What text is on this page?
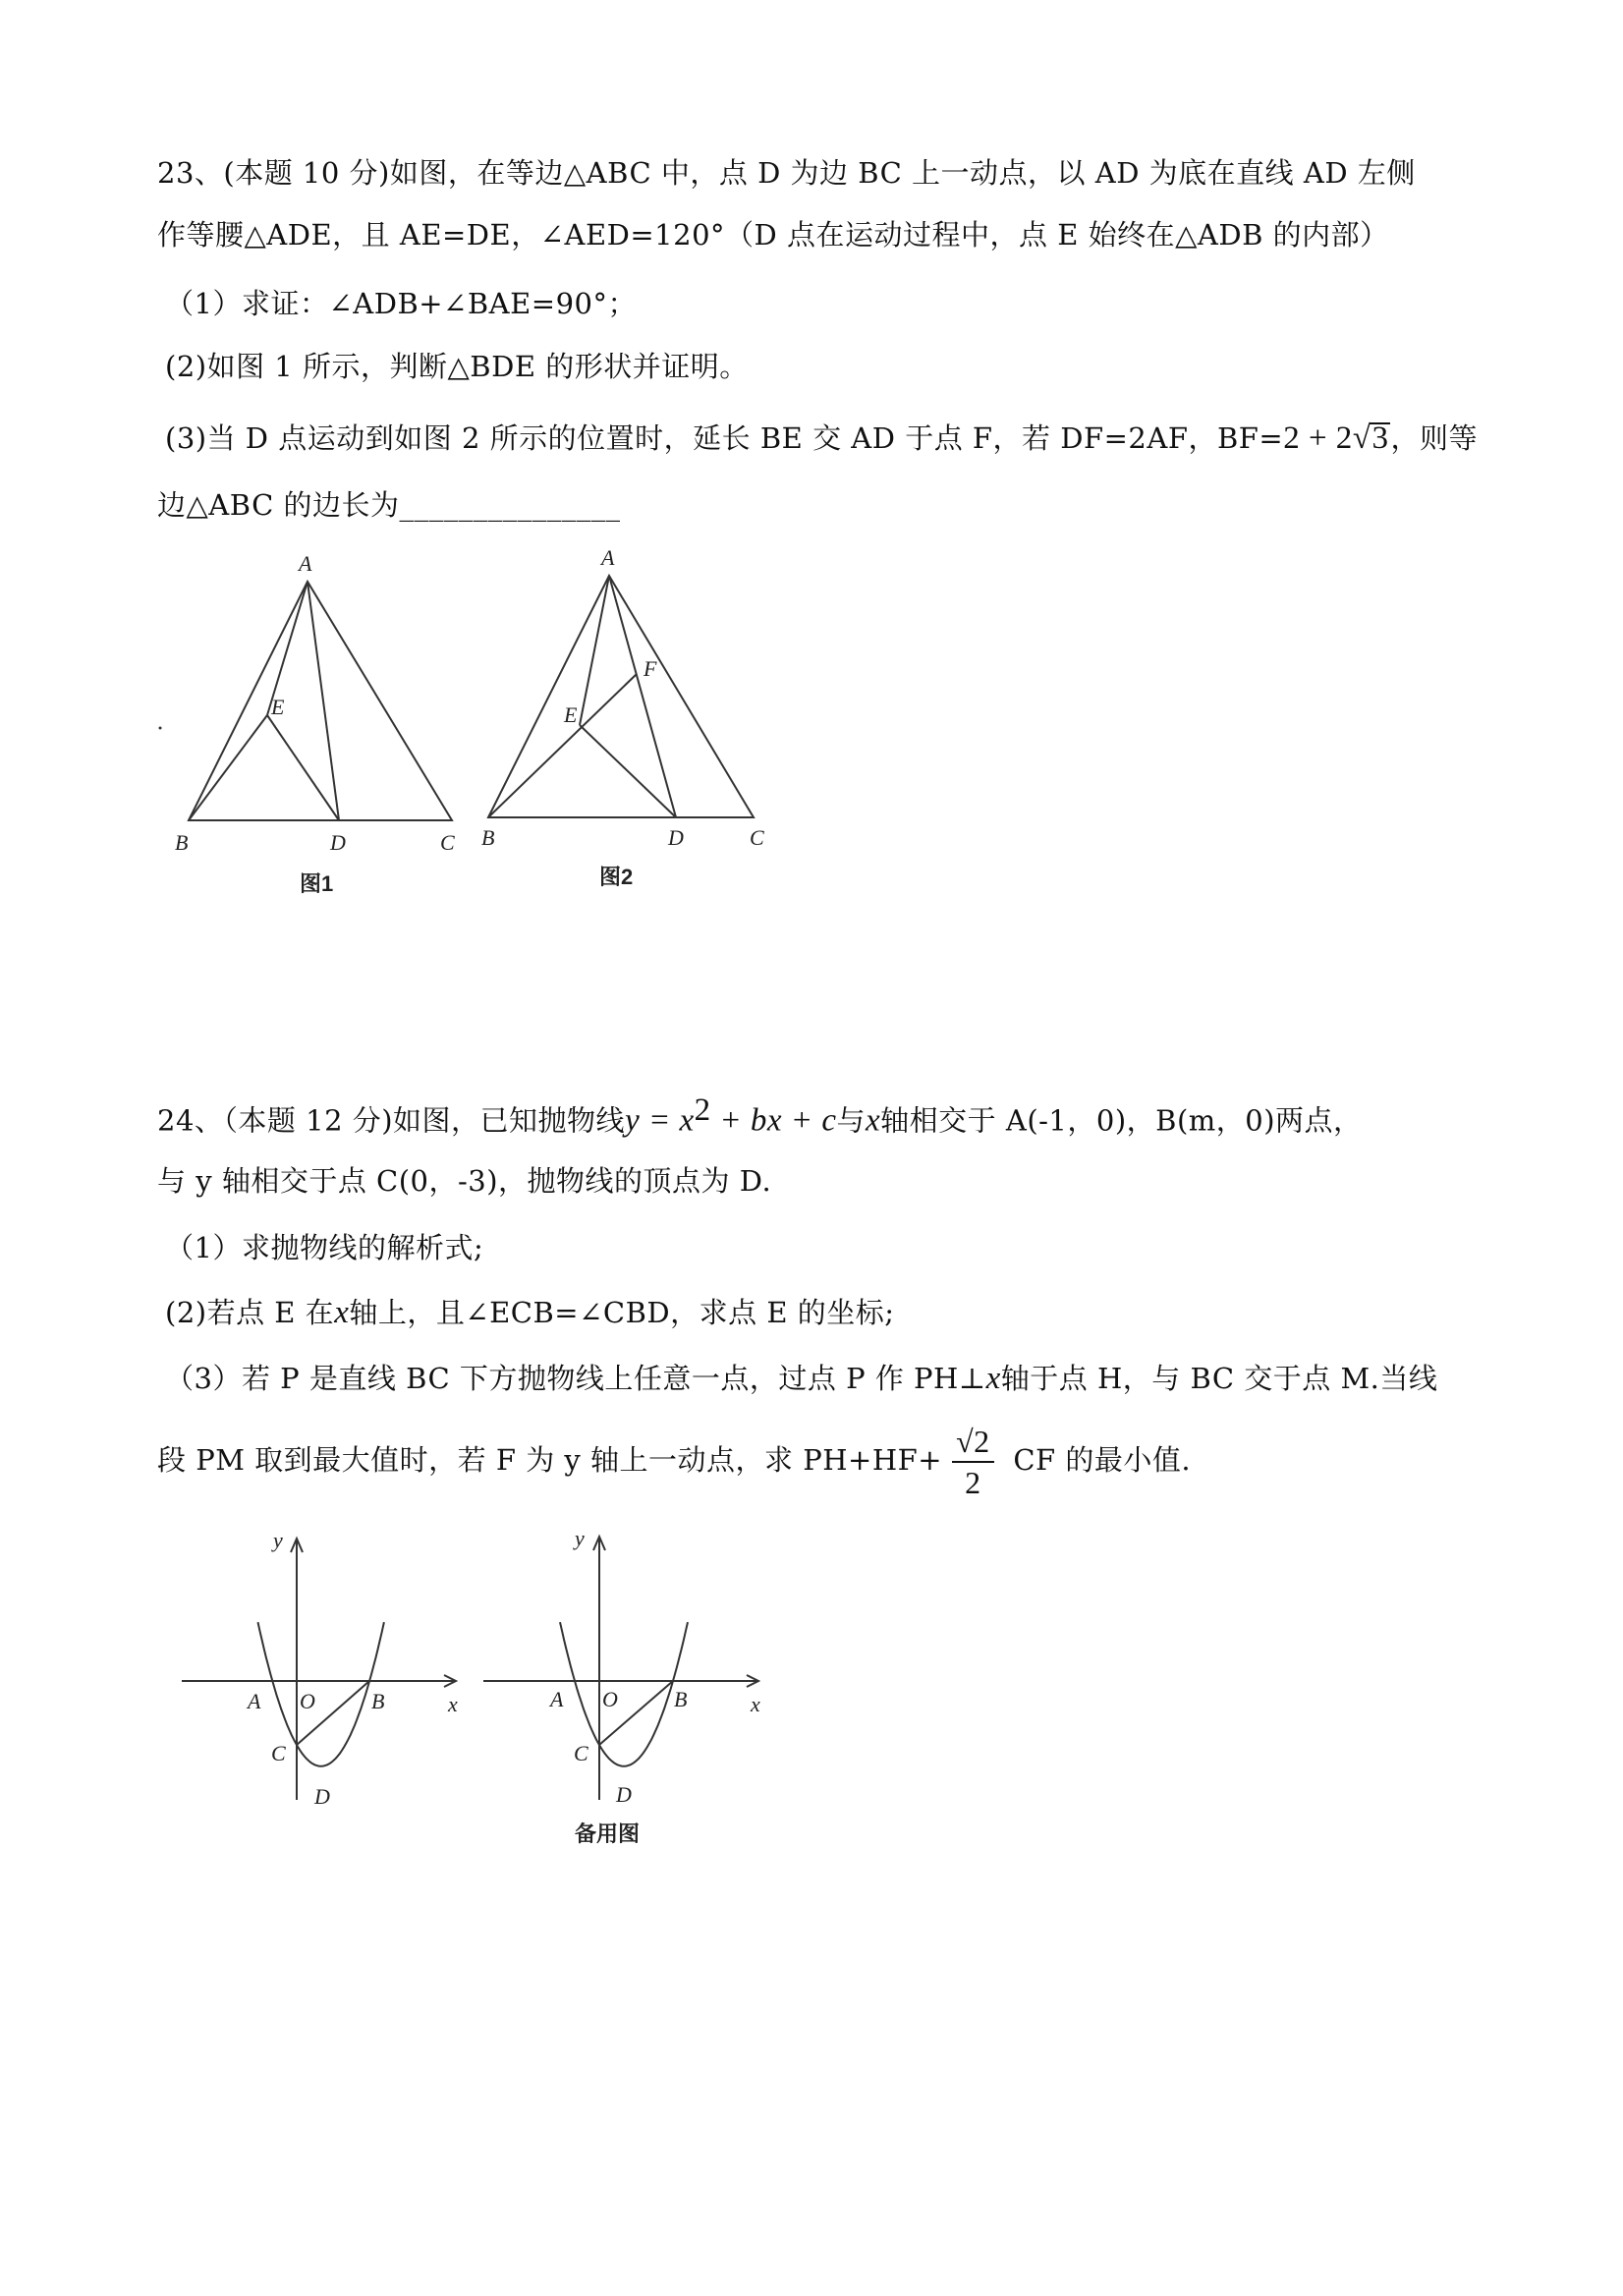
23、(本题 10 分)如图，在等边△ABC 中，点 D 为边 BC 上一动点，以 AD 为底在直线 AD 左侧
作等腰△ADE，且 AE=DE，∠AED=120°（D 点在运动过程中，点 E 始终在△ADB 的内部）
（1）求证：∠ADB+∠BAE=90°；
(2)如图 1 所示，判断△BDE 的形状并证明。
(3)当 D 点运动到如图 2 所示的位置时，延长 BE 交 AD 于点 F，若 DF=2AF，BF=2 + 2√3，则等
边△ABC 的边长为_______________
A
B	C
D
E
图1
A
B	C
D
E
F
图2
y
x
A O	B
C
D
y
x
A O	B
C
D
备用图
24、（本题 12 分)如图，已知抛物线$y = x^2$ + bx + c与x轴相交于 A(-1，0)，B(m，0)两点，
与 y 轴相交于点 C(0，-3)，抛物线的顶点为 D.
（1）求抛物线的解析式;
(2)若点 E 在x轴上，且∠ECB=∠CBD，求点 E 的坐标;
（3）若 P 是直线 BC 下方抛物线上任意一点，过点 P 作 PH⊥x轴于点 H，与 BC 交于点 M.当线
段 PM 取到最大值时，若 F 为 y 轴上一动点，求 $PH+HF+ \frac{√2}{2}$ CF 的最小值.
